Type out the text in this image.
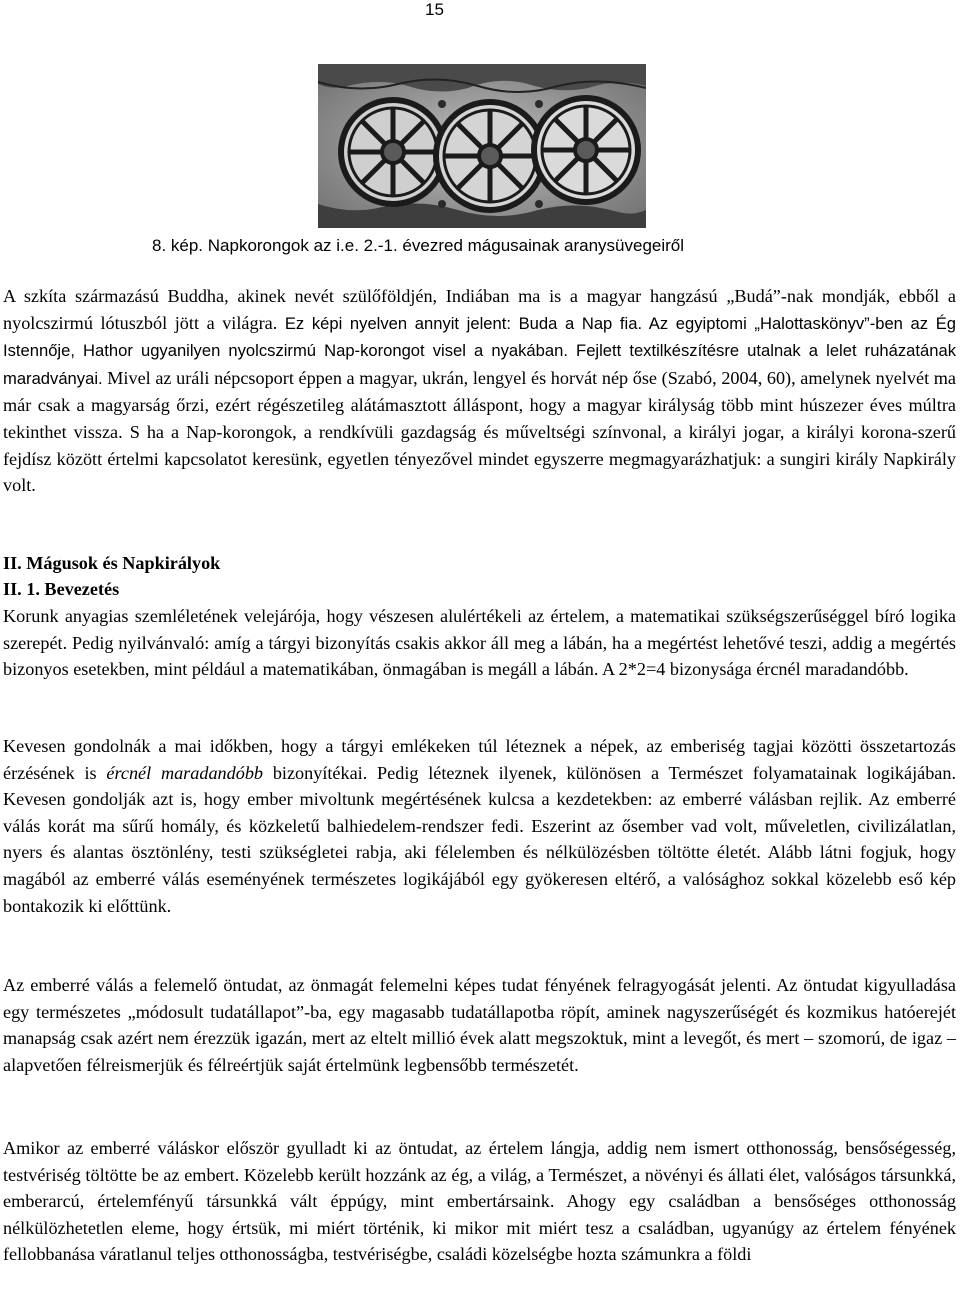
15
8. kép. Napkorongok az i.e. 2.-1. évezred mágusainak aranysüvegeiről
A szkíta származású Buddha, akinek nevét szülőföldjén, Indiában ma is a magyar hangzású „Budá”-nak mondják, ebből a nyolcszirmú lótuszból jött a világra. Ez képi nyelven annyit jelent: Buda a Nap fia. Az egyiptomi „Halottaskönyv”-ben az Ég Istennője, Hathor ugyanilyen nyolcszirmú Nap-korongot visel a nyakában. Fejlett textilkészítésre utalnak a lelet ruházatának maradványai. Mivel az uráli népcsoport éppen a magyar, ukrán, lengyel és horvát nép őse (Szabó, 2004, 60), amelynek nyelvét ma már csak a magyarság őrzi, ezért régészetileg alátámasztott álláspont, hogy a magyar királyság több mint húszezer éves múltra tekinthet vissza. S ha a Nap-korongok, a rendkívüli gazdagság és műveltségi színvonal, a királyi jogar, a királyi korona-szerű fejdísz között értelmi kapcsolatot keresünk, egyetlen tényezővel mindet egyszerre megmagyarázhatjuk: a sungiri király Napkirály volt.
II. Mágusok és Napkirályok
II. 1. Bevezetés
Korunk anyagias szemléletének velejárója, hogy vészesen alulértékeli az értelem, a matematikai szükségszerűséggel bíró logika szerepét. Pedig nyilvánvaló: amíg a tárgyi bizonyítás csakis akkor áll meg a lábán, ha a megértést lehetővé teszi, addig a megértés bizonyos esetekben, mint például a matematikában, önmagában is megáll a lábán. A 2*2=4 bizonysága ércnél maradandóbb.
Kevesen gondolnák a mai időkben, hogy a tárgyi emlékeken túl léteznek a népek, az emberiség tagjai közötti összetartozás érzésének is ércnél maradandóbb bizonyítékai. Pedig léteznek ilyenek, különösen a Természet folyamatainak logikájában. Kevesen gondolják azt is, hogy ember mivoltunk megértésének kulcsa a kezdetekben: az emberré válásban rejlik. Az emberré válás korát ma sűrű homály, és közkeletű balhiedelem-rendszer fedi. Eszerint az ősember vad volt, műveletlen, civilizálatlan, nyers és alantas ösztönlény, testi szükségletei rabja, aki félelemben és nélkülözésben töltötte életét. Alább látni fogjuk, hogy magából az emberré válás eseményének természetes logikájából egy gyökeresen eltérő, a valósághoz sokkal közelebb eső kép bontakozik ki előttünk.
Az emberré válás a felemelő öntudat, az önmagát felemelni képes tudat fényének felragyogását jelenti. Az öntudat kigyulladása egy természetes „módosult tudatállapot”-ba, egy magasabb tudatállapotba röpít, aminek nagyszerűségét és kozmikus hatóerejét manapság csak azért nem érezzük igazán, mert az eltelt millió évek alatt megszoktuk, mint a levegőt, és mert – szomorú, de igaz – alapvetően félreismerjük és félreértjük saját értelmünk legbensőbb természetét.
Amikor az emberré váláskor először gyulladt ki az öntudat, az értelem lángja, addig nem ismert otthonosság, bensőségesség, testvériség töltötte be az embert. Közelebb került hozzánk az ég, a világ, a Természet, a növényi és állati élet, valóságos társunkká, emberarcú, értelemfényű társunkká vált éppúgy, mint embertársaink. Ahogy egy családban a bensőséges otthonosság nélkülözhetetlen eleme, hogy értsük, mi miért történik, ki mikor mit miért tesz a családban, ugyanúgy az értelem fényének fellobbanása váratlanul teljes otthonosságba, testvériségbe, családi közelségbe hozta számunkra a földi
